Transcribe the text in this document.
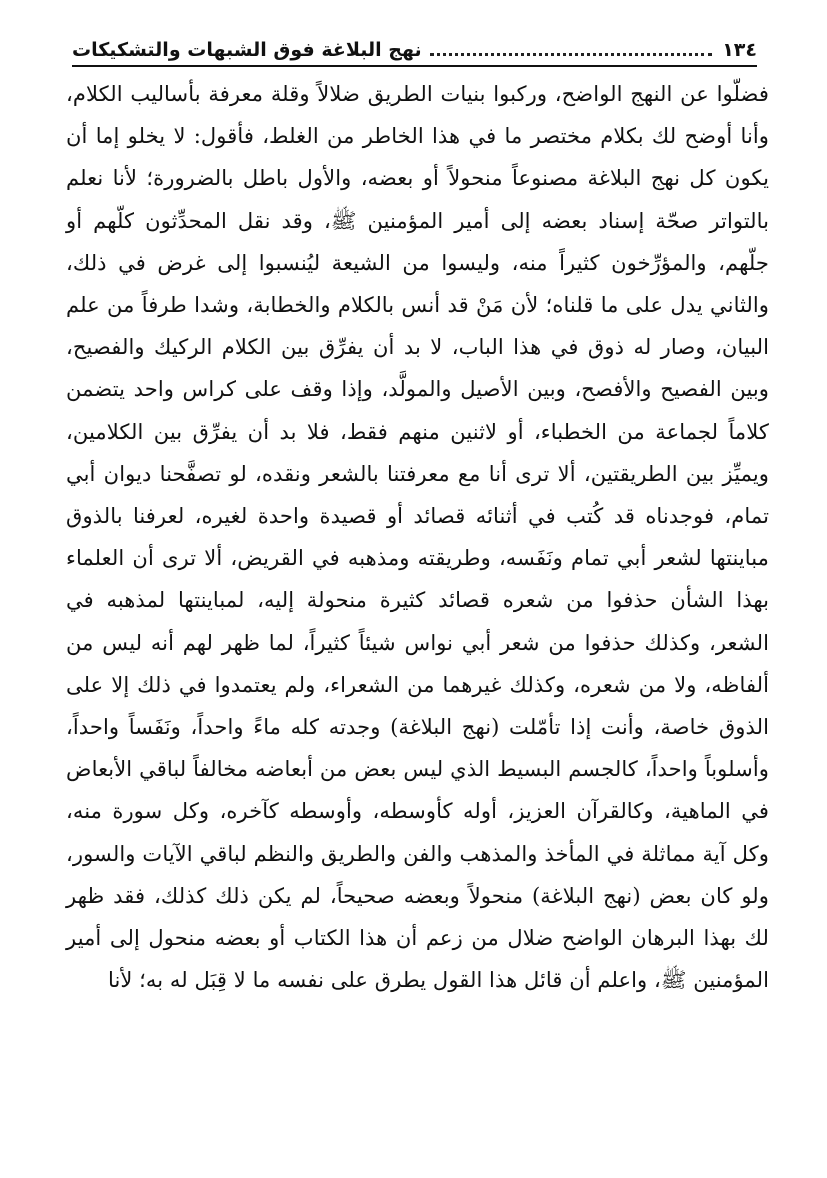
١٣٤
نهج البلاغة فوق الشبهات والتشكيكات

فضلّوا عن النهج الواضح، وركبوا بنيات الطريق ضلالاً وقلة معرفة بأساليب الكلام، وأنا أوضح لك بكلام مختصر ما في هذا الخاطر من الغلط، فأقول: لا يخلو إما أن يكون كل نهج البلاغة مصنوعاً منحولاً أو بعضه، والأول باطل بالضرورة؛ لأنا نعلم بالتواتر صحّة إسناد بعضه إلى أمير المؤمنين ﷺ، وقد نقل المحدِّثون كلّهم أو جلّهم، والمؤرِّخون كثيراً منه، وليسوا من الشيعة ليُنسبوا إلى غرض في ذلك، والثاني يدل على ما قلناه؛ لأن مَنْ قد أنس بالكلام والخطابة، وشدا طرفاً من علم البيان، وصار له ذوق في هذا الباب، لا بد أن يفرِّق بين الكلام الركيك والفصيح، وبين الفصيح والأفصح، وبين الأصيل والمولَّد، وإذا وقف على كراس واحد يتضمن كلاماً لجماعة من الخطباء، أو لاثنين منهم فقط، فلا بد أن يفرِّق بين الكلامين، ويميِّز بين الطريقتين، ألا ترى أنا مع معرفتنا بالشعر ونقده، لو تصفَّحنا ديوان أبي تمام، فوجدناه قد كُتب في أثنائه قصائد أو قصيدة واحدة لغيره، لعرفنا بالذوق مباينتها لشعر أبي تمام ونَفَسه، وطريقته ومذهبه في القريض، ألا ترى أن العلماء بهذا الشأن حذفوا من شعره قصائد كثيرة منحولة إليه، لمباينتها لمذهبه في الشعر، وكذلك حذفوا من شعر أبي نواس شيئاً كثيراً، لما ظهر لهم أنه ليس من ألفاظه، ولا من شعره، وكذلك غيرهما من الشعراء، ولم يعتمدوا في ذلك إلا على الذوق خاصة، وأنت إذا تأمّلت (نهج البلاغة) وجدته كله ماءً واحداً، ونَفَساً واحداً، وأسلوباً واحداً، كالجسم البسيط الذي ليس بعض من أبعاضه مخالفاً لباقي الأبعاض في الماهية، وكالقرآن العزيز، أوله كأوسطه، وأوسطه كآخره، وكل سورة منه، وكل آية مماثلة في المأخذ والمذهب والفن والطريق والنظم لباقي الآيات والسور، ولو كان بعض (نهج البلاغة) منحولاً وبعضه صحيحاً، لم يكن ذلك كذلك، فقد ظهر لك بهذا البرهان الواضح ضلال من زعم أن هذا الكتاب أو بعضه منحول إلى أمير المؤمنين ﷺ، واعلم أن قائل هذا القول يطرق على نفسه ما لا قِبَل له به؛ لأنا
